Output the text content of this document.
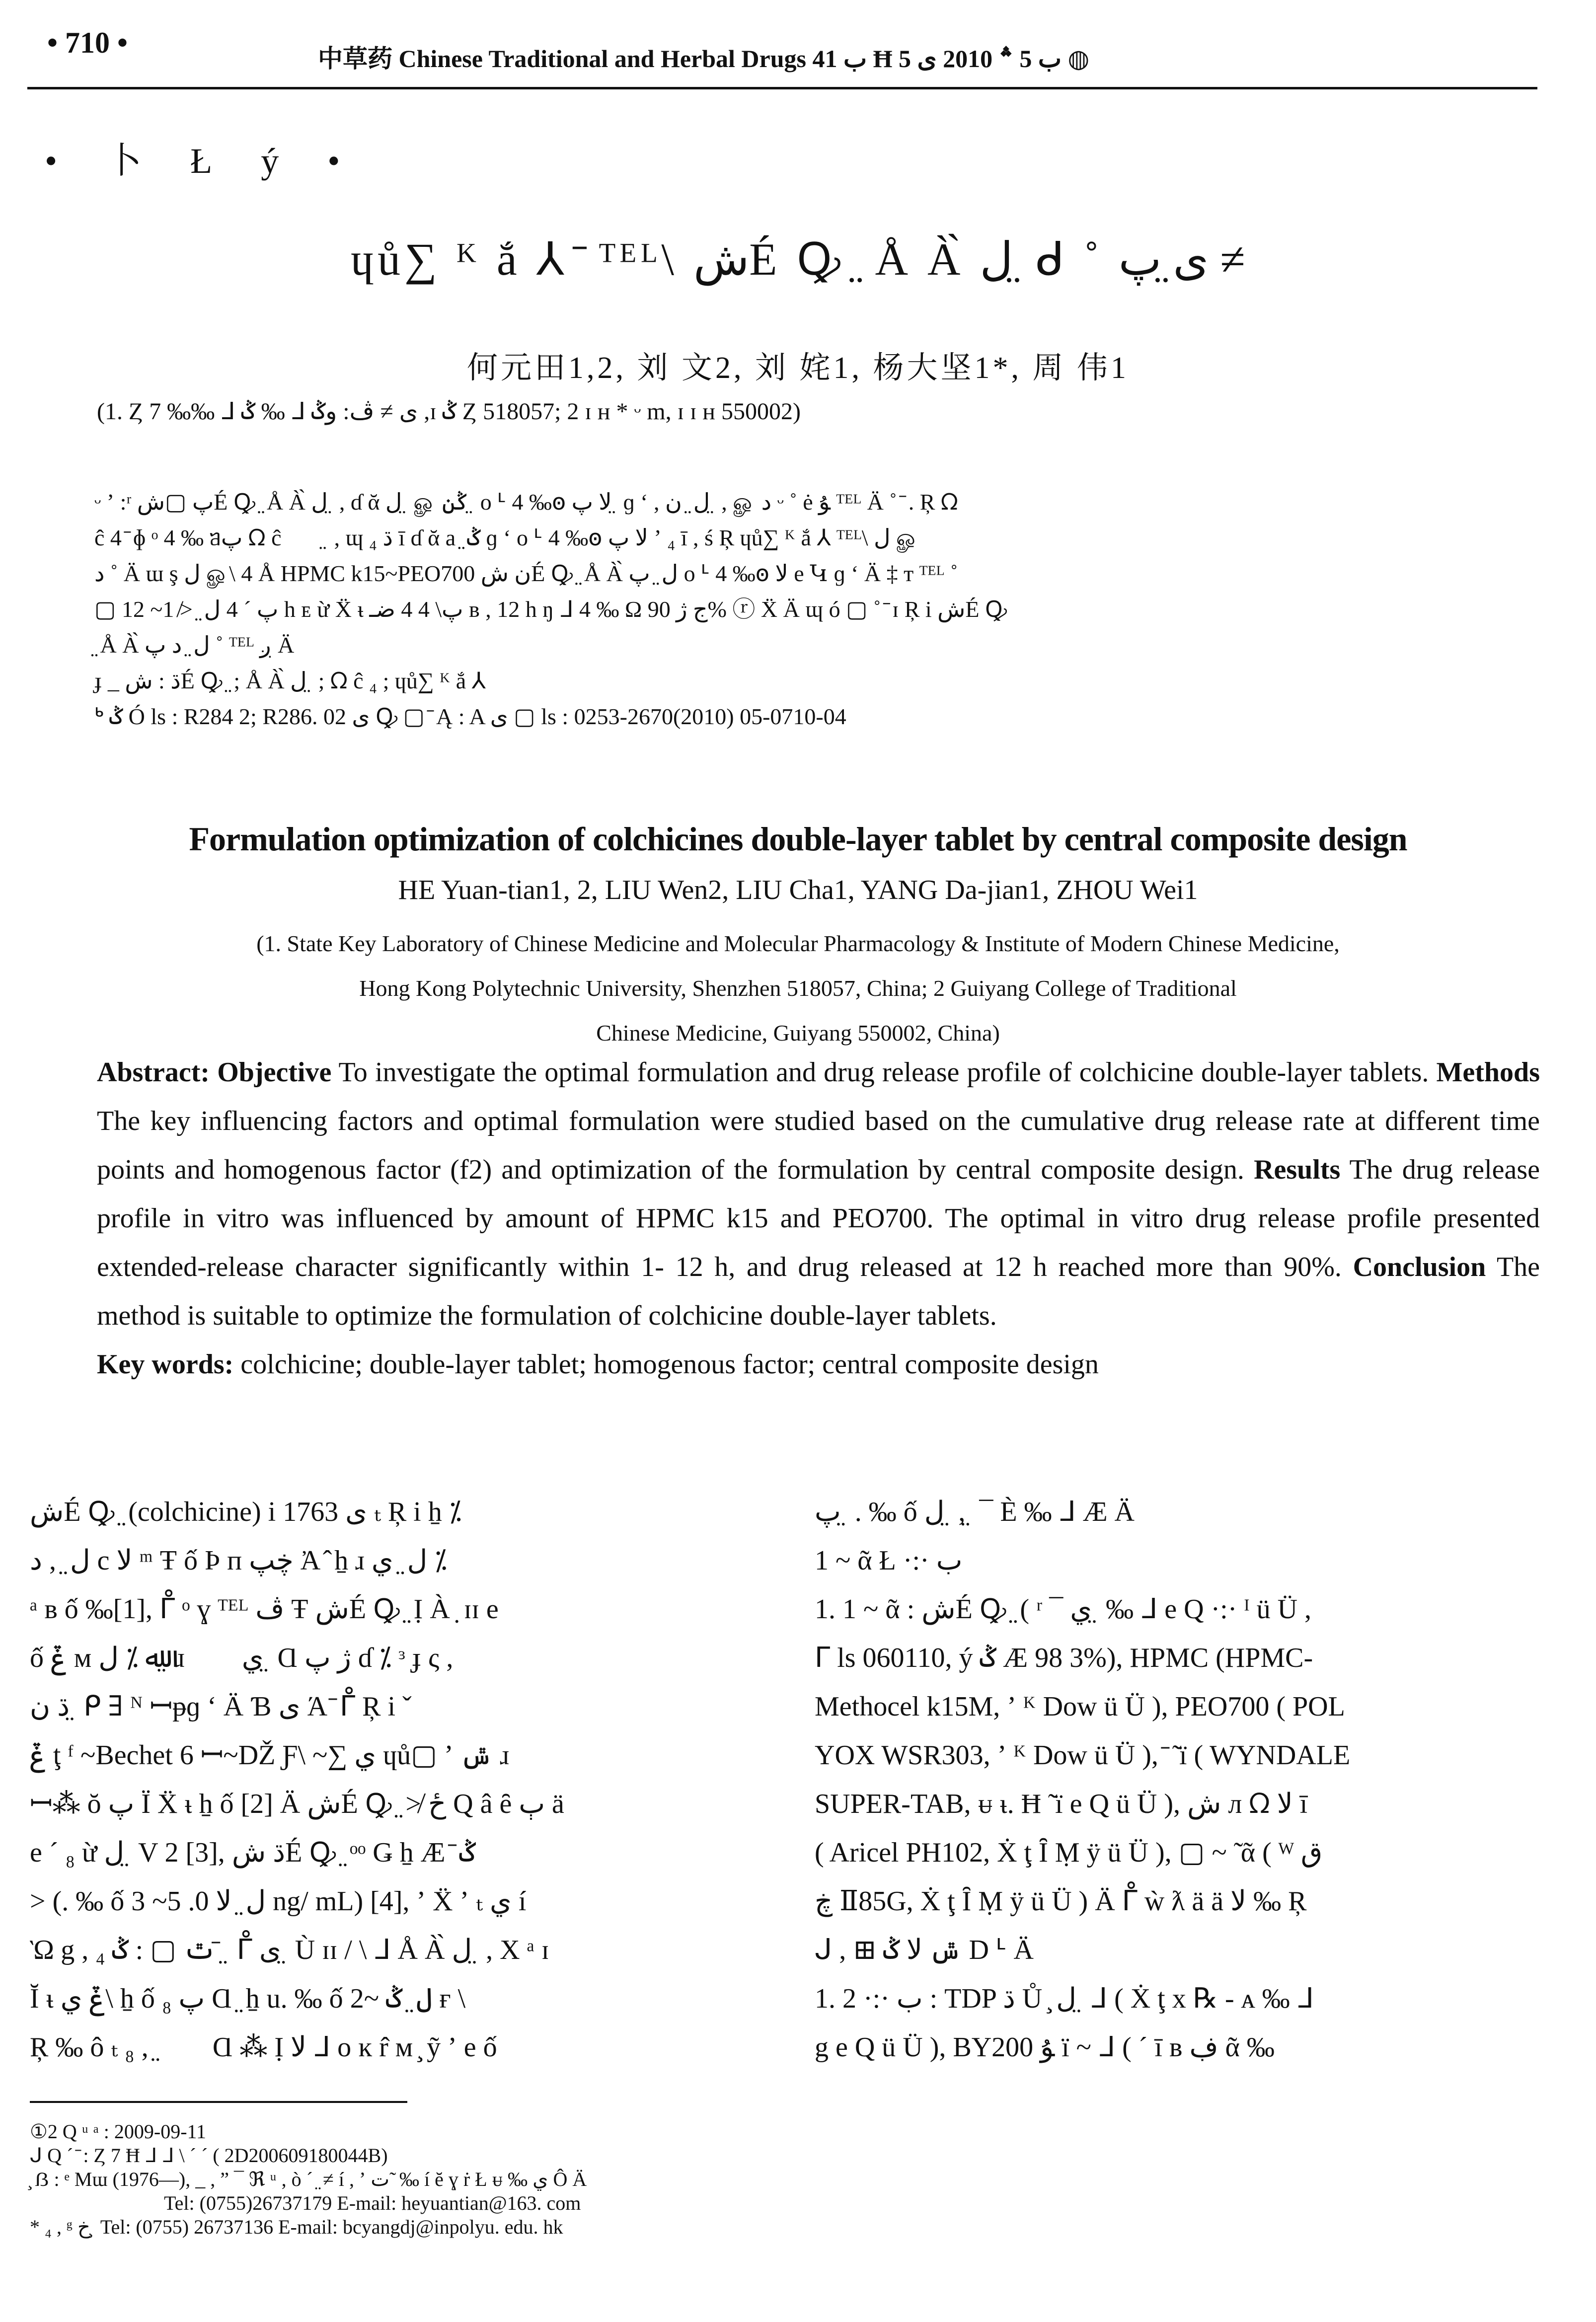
• 710 •	中草药 Chinese Traditional and Herbal Drugs ب 41 Ħ ب 5 ؞ 2010 ی 5 ◍
• 卜 Ł ý •
ɥů∑ ᴷ ắ ⅄ ̄ ᵀᴱᴸ\ شÉ Ꝙ ̤ Å À̀ ل ̤ ᑯ ˚ ى ̤پ ≠
何元田1,2, 刘 文2, 刘 姹1, 杨大坚1*, 周 伟1
(1. Ȥ 7 ‰‰ ᒧ ݣ ‰ ᒧ ى ≠ ڤ: وݣ ,ɪ ݣ Ȥ 518057; 2 ɪ ʜ * ᵕ m, ɪ ɪ ʜ 550002)

ᵕ ʼ :ʳ پ ▢شÉ Ꝙ ̤ Å À̀ ل ̤ , ɗ ᾰ ل ̤ ௐ ݣن ̤ o ᒻ 4 ‰ꙩ ﻻ پ ̤ ɡ ʻ , ل ̤ ن ̤ , ௐ د ᵕ ˚ ė ﯘ ᵀᴱᴸ Ä ˚ ̄ . Ŗ ᘯ

ĉ 4 ̄ ɸ ᵒ 4 ‰ ᥑپ ᘯ ĉ نؙ ̤ , ɰ ڌ ₄ ī ɗ ᾰ a ̤ ݣ ɡ ʻ o ᒻ 4 ‰ꙩ ﻻ پ ʼ ₄ ī , ś Ŗ ɥů∑ ᴷ ắ ⅄ ᵀᴱᴸ\ ل ௐ

د ˚ Ä ɯ ş ل ௐ\ 4 Å HPMC k15~PEO700 ن شÉ Ꝙ ̤ Å À̀ ل ̤ پ o ᒻ 4 ‰ꙩ ﻻ e Կ ɡ ʻ Ä ‡ ᴛ ᵀᴱᴸ ˚

▢ پ ´ 4 ل ̤ ≯ 1~ 12 h ᴇ ừ Ẍ ᵼ پ\ 4 4 ضـ ʙ , 12 h ŋ ᒧ 4 ‰ Ω ج ژ 90% ⓡ Ẍ Ä ɰ ó ▢ ˚ ̄ ɪ Ŗ i شÉ Ꝙ

̤ Å À̀ ل ̤ د پ ˚ ᵀᴱᴸ ږ Ä

ɟ _ ڌ : شÉ Ꝙ ̤ ; Å À̀ ل ̤ ; ᘯ ĉ ₄ ; ɥů∑ ᴷ ắ ⅄

ᒃ ݣ Ó ls : R284 2; R286. 02 ى Ꝙ ▢ ̄ Ą : A ى ▢ ls : 0253-2670(2010) 05-0710-04

Formulation optimization of colchicines double-layer tablet by central composite design
HE Yuan-tian1, 2, LIU Wen2, LIU Cha1, YANG Da-jian1, ZHOU Wei1
(1. State Key Laboratory of Chinese Medicine and Molecular Pharmacology & Institute of Modern Chinese Medicine,
Hong Kong Polytechnic University, Shenzhen 518057, China; 2 Guiyang College of Traditional
Chinese Medicine, Guiyang 550002, China)

Abstract: Objective To investigate the optimal formulation and drug release profile of colchicine double-layer tablets. Methods The key influencing factors and optimal formulation were studied based on the cumulative drug release rate at different time points and homogenous factor (f2) and optimization of the formulation by central composite design. Results The drug release profile in vitro was influenced by amount of HPMC k15 and PEO700. The optimal in vitro drug release profile presented extended-release character significantly within 1- 12 h, and drug released at 12 h reached more than 90%. Conclusion The method is suitable to optimize the formulation of colchicine double-layer tablets.

Key words: colchicine; double-layer tablet; homogenous factor; central composite design

شÉ Ꝙ ̤ (colchicine) i 1763 ی ₜ Ŗ i ẖ ⁒

ل ̤ , د c ﻻ ᵐ Ŧ ố Þ ᴨ ڿپ Ἀ ̂ ẖ ɹ نؙ ⁒ ل ̤ ي

ᵃ ʙ ố ‰[1], ᒤ ᵒ ɣ ᵀᴱᴸ ڤ Ŧ شÉ Ꝙ ̤ Ị À ̣ ɪɪ e

ố ݞ ᴍ ﷲ ⁒ ل ̤ ɹ ي نؙ ̤ Ɑ ژ پ ɗ ⁒ ᵌ ɟ ς ,

ڌ ن ̤ ᑭ ∃ ᴺ ꟷᵽɡ ʻ Ä Ɓ ی Ά ̄ ᒤ Ŗ i ˇ

ݞ ţ ᶠ ~Bechet 6 ꟷ~DŽ Ƒ\ ~∑ ي ɥů▢ ʼ ݜ ɹ

ꟷ⁂ ŏ پ Ï Ẍ ᵼ ẖ ố [2] Ä شÉ Ꝙ ̤ ≯ ځ Q â ȇ ٻ ä

e ´ ₈ ừ ل ̤ V 2 [3], ڌ شÉ Ꝙ ̤ ᵒᵒ Ǥ ẖ Æ ̄ ݣ

> (. ‰ ố ل ̤ ﻻ 0. 5~ 3 ng/ mL) [4], ʼ Ẍ ʼ ₜ ي í

Ὼ g , ₄ ٿ ▢ : ݣ ̄ ̤ ᒤ ى ̤ Ù ɪɪ / \ ᒧ Å À̀ ل ̤ , X ᵃ ɪ

Ĭ ᵼ ݞ ي\ ẖ ố پ ₈ Ɑ ̤ ẖ u. ‰ ố ل ̤ ݣ ~2 ғ \

Ŗ ‰ ô ₜ نؙ ̤ , ₈ Ɑ ⁂ Ị ﻻ ᒧ o ĸ r̂ ᴍ ̧ ỹ ʼ e ố

پ ̤ . ‰ ố ل ̤ , ̤ ¯ È ‰ ᒧ Æ Ä

1 ~ ᾶ Ł ·:· ب

1. 1 ~ ᾶ : شÉ Ꝙ ̤ ( ʳ ¯ ي ̤ ‰ ᒧ e Q ·:· ᴵ ü Ü ,

ᒥ ls 060110, ý ݣ Æ 98 3%), HPMC (HPMC-

Methocel k15M, ʼ ᴷ Dow ü Ü ), PEO700 ( POL

YOX WSR303, ʼ ᴷ Dow ü Ü ), ̄ ̃ ï ( WYNDALE

SUPER-TAB, ᵾ ᵼ. Ħ ̃ ï e Q ü Ü ), ش ᴫ ᘯ ﻻ ī

( Aricel PH102, Ẋ ţ Ȋ Ṃ ÿ ü Ü ), ▢ ~ ̃ ᾶ ( ᵂ ق

ڿ Ⅱ85G, Ẋ ţ Ȋ Ṃ ÿ ü Ü ) Ä ᒤ ẁ ƛ ä ä ﻻ ‰ Ŗ

ᒍ , ⊞ ݜ ﻻ ݣ D ᒻ Ä

1. 2 ·:· ب : TDP ڌ Ů ̧ ل ̤ ᒧ ( Ẋ ţ x ℞ - ᴀ ‰ ᒧ

g e Q ü Ü ), BY200 ﯘ ï ~ ᒧ ( ´ ī ʙ ڣ ᾶ ‰

①2 Q ᵘ ᵃ : 2009-09-11

ᒍ Q ´ ̄ : Ȥ 7 Ħ ᒧ ᒧ \ ´ ´ ( 2D200609180044B)

̧ ẞ : ᵉ Mɯ (1976—), _ , ” ¯ ℜ ᵘ , ò ´ ̤ ≠ í , ʼ ت ̃ ‰ í ĕ ɣ ṙ Ł ᵾ ‰ ي Ô Ä

Tel: (0755)26737179 E-mail: heyuantian@163. com

* ₄ , ᵍ خ ̧ Tel: (0755) 26737136 E-mail: bcyangdj@inpolyu. edu. hk
